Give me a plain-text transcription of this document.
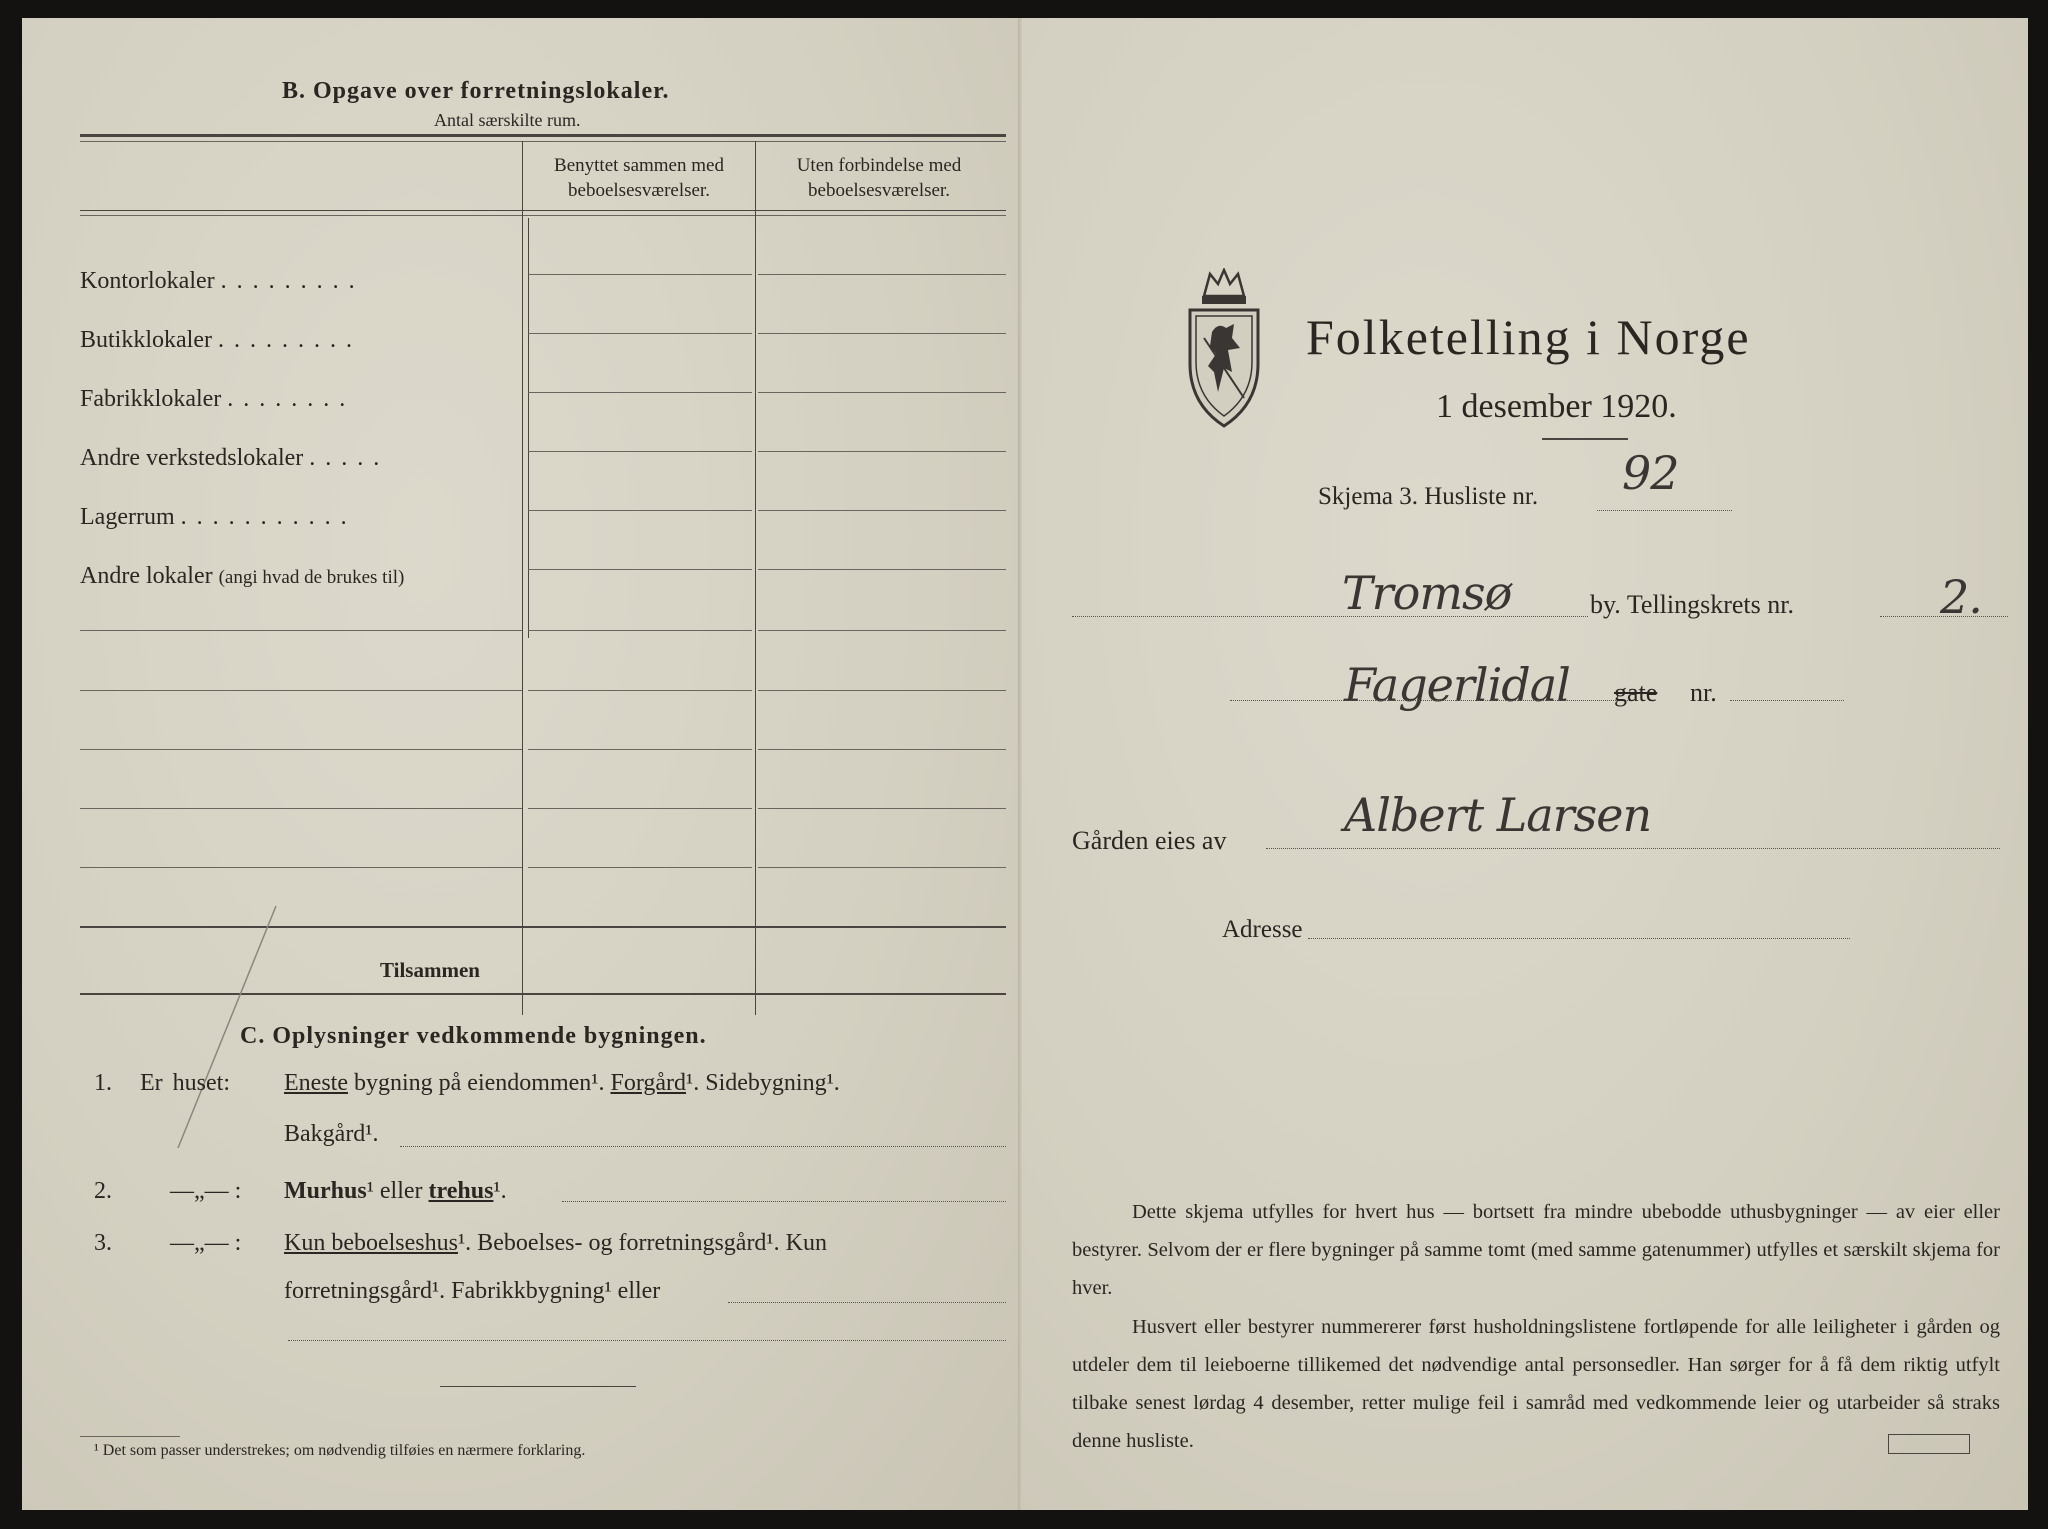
B. Opgave over forretningslokaler.
Antal særskilte rum.
Benyttet sammen med beboelsesværelser.
Uten forbindelse med beboelsesværelser.
Kontorlokaler . . . . . . . . .
Butikklokaler . . . . . . . . .
Fabrikklokaler . . . . . . . .
Andre verkstedslokaler . . . . .
Lagerrum . . . . . . . . . . .
Andre lokaler (angi hvad de brukes til)
Tilsammen
C. Oplysninger vedkommende bygningen.
1. Er huset: Eneste bygning på eiendommen¹. Forgård¹. Sidebygning¹.
Bakgård¹.
2. —„— : Murhus¹ eller trehus¹.
3. —„— : Kun beboelseshus¹. Beboelses- og forretningsgård¹. Kun
forretningsgård¹. Fabrikkbygning¹ eller
¹ Det som passer understrekes; om nødvendig tilføies en nærmere forklaring.
Folketelling i Norge
1 desember 1920.
Skjema 3. Husliste nr. 92
Tromsø	by. Tellingskrets nr.	2.
Fagerlidal gate nr.
Gården eies av	Albert Larsen
Adresse
Dette skjema utfylles for hvert hus — bortsett fra mindre ubebodde uthusbygninger — av eier eller bestyrer. Selvom der er flere bygninger på samme tomt (med samme gatenummer) utfylles et særskilt skjema for hver.
Husvert eller bestyrer nummererer først husholdningslistene fortløpende for alle leiligheter i gården og utdeler dem til leieboerne tillikemed det nødvendige antal personsedler. Han sørger for å få dem riktig utfylt tilbake senest lørdag 4 desember, retter mulige feil i samråd med vedkommende leier og utarbeider så straks denne husliste.
